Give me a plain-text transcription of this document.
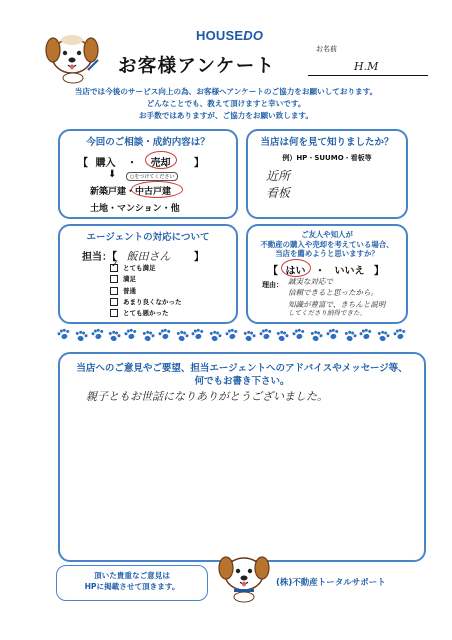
HOUSEDO
お客様アンケート
お名前
H.M
当店では今後のサービス向上の為、お客様へアンケートのご協力をお願いしております。
どんなことでも、教えて頂けますと幸いです。
お手数ではありますが、ご協力をお願い致します。
今回のご相談・成約内容は？
【 購入 ・ 売却 】
⬇	○をつけてください
新築戸建・中古戸建
土地・マンション・他
当店は何を見て知りましたか？
例）HP・SUUMO・看板等
近所
看板
エージェントの対応について
担当：【 飯田さん 】
✓ とても満足
満足
普通
あまり良くなかった
とても悪かった
ご友人や知人が
不動産の購入や売却を考えている場合、
当店を薦めようと思いますか？
【 はい ・ いいえ 】
理由： 誠実な対応で
信頼できると思ったから。
知識が豊富で、きちんと説明
してくださり納得できた。
当店へのご意見やご要望、担当エージェントへのアドバイスやメッセージ等、
何でもお書き下さい。
親子ともお世話になりありがとうございました。
頂いた貴重なご意見は
HPに掲載させて頂きます。	(株)不動産トータルサポート
